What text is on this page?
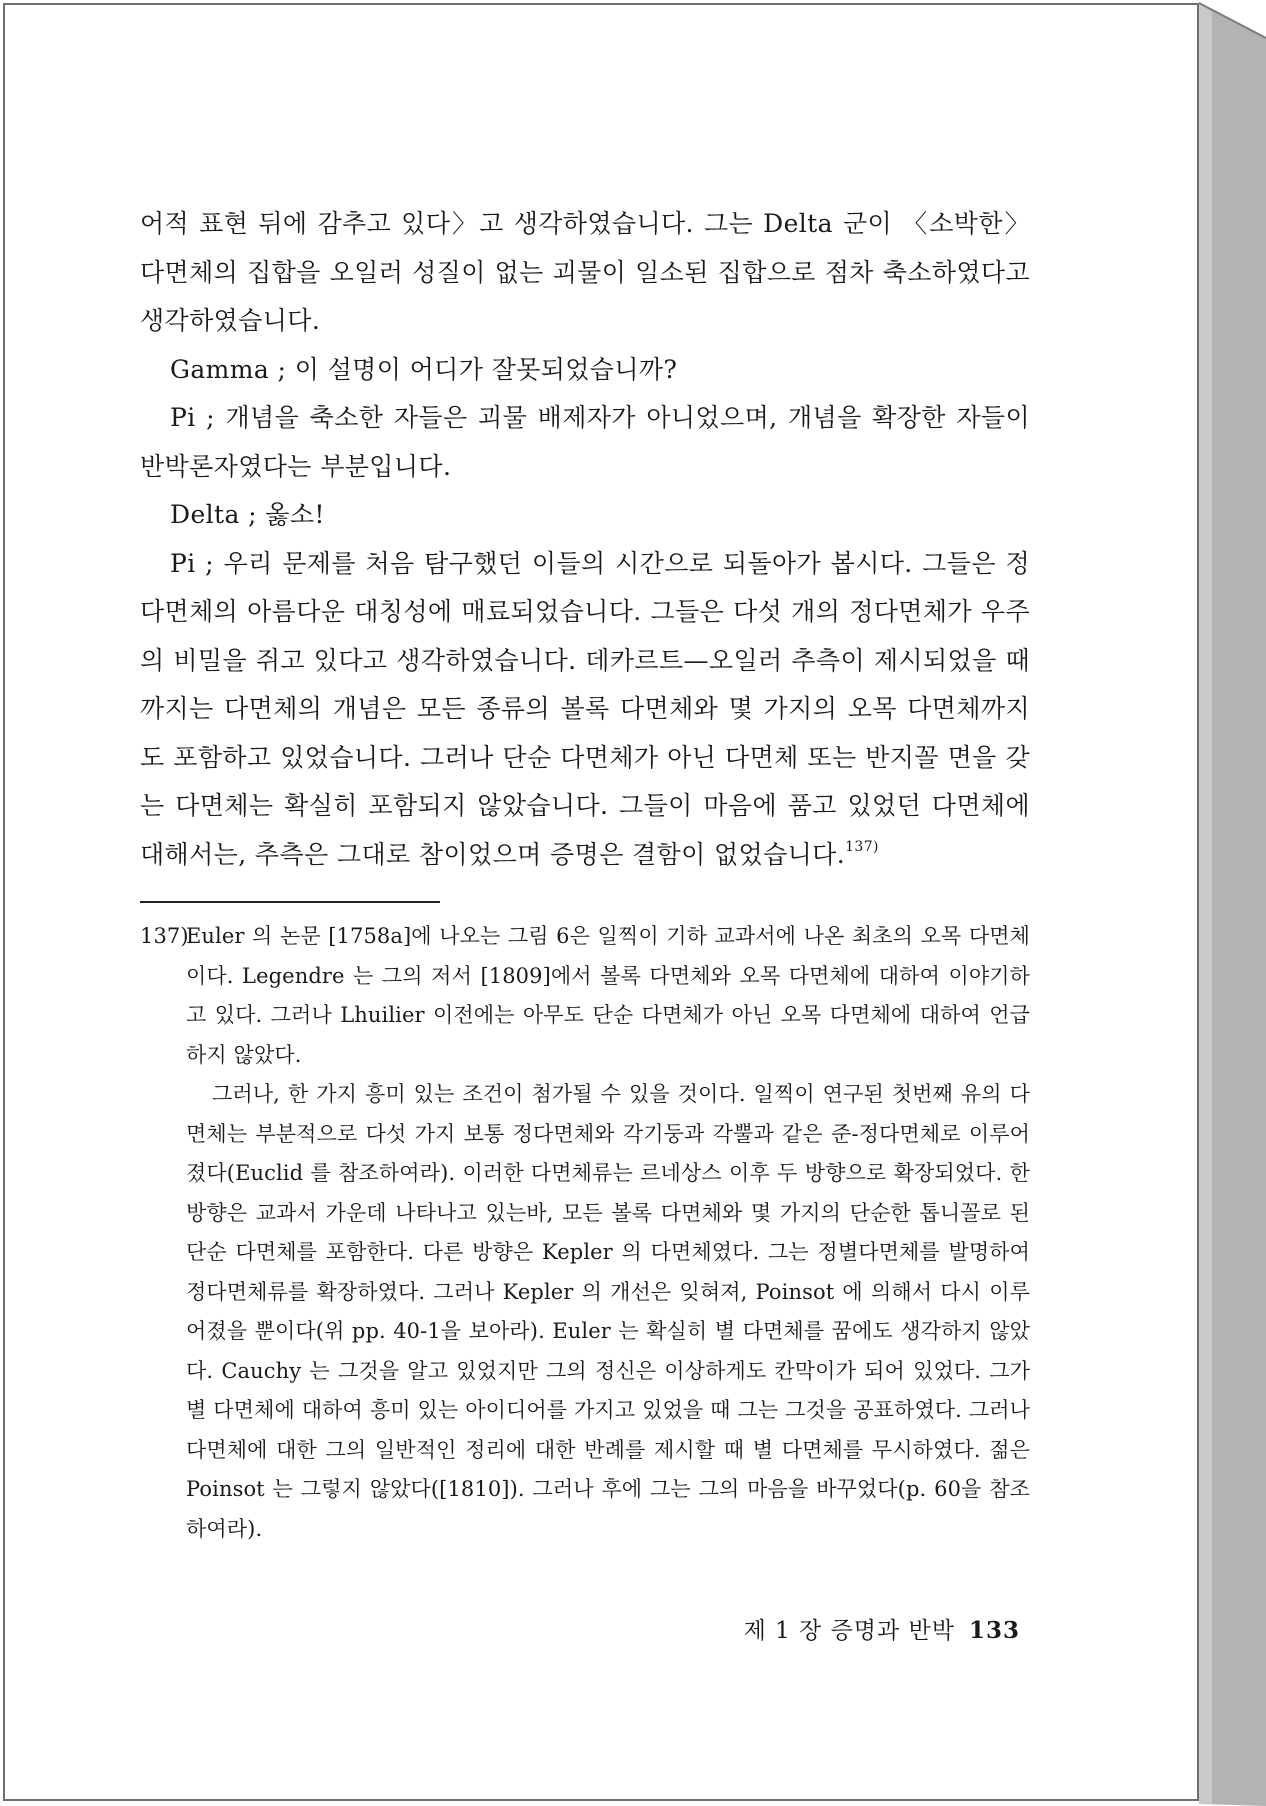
어적 표현 뒤에 감추고 있다〉고 생각하였습니다. 그는 Delta 군이 〈소박한〉 다면체의 집합을 오일러 성질이 없는 괴물이 일소된 집합으로 점차 축소하였다고 생각하였습니다.

Gamma ; 이 설명이 어디가 잘못되었습니까?

Pi ; 개념을 축소한 자들은 괴물 배제자가 아니었으며, 개념을 확장한 자들이 반박론자였다는 부분입니다.

Delta ; 옳소!

Pi ; 우리 문제를 처음 탐구했던 이들의 시간으로 되돌아가 봅시다. 그들은 정다면체의 아름다운 대칭성에 매료되었습니다. 그들은 다섯 개의 정다면체가 우주의 비밀을 쥐고 있다고 생각하였습니다. 데카르트—오일러 추측이 제시되었을 때까지는 다면체의 개념은 모든 종류의 볼록 다면체와 몇 가지의 오목 다면체까지도 포함하고 있었습니다. 그러나 단순 다면체가 아닌 다면체 또는 반지꼴 면을 갖는 다면체는 확실히 포함되지 않았습니다. 그들이 마음에 품고 있었던 다면체에 대해서는, 추측은 그대로 참이었으며 증명은 결함이 없었습니다.$^{137)}$

137)Euler 의 논문 [1758a]에 나오는 그림 6은 일찍이 기하 교과서에 나온 최초의 오목 다면체이다. Legendre 는 그의 저서 [1809]에서 볼록 다면체와 오목 다면체에 대하여 이야기하고 있다. 그러나 Lhuilier 이전에는 아무도 단순 다면체가 아닌 오목 다면체에 대하여 언급하지 않았다.

그러나, 한 가지 흥미 있는 조건이 첨가될 수 있을 것이다. 일찍이 연구된 첫번째 유의 다면체는 부분적으로 다섯 가지 보통 정다면체와 각기둥과 각뿔과 같은 준-정다면체로 이루어졌다(Euclid 를 참조하여라). 이러한 다면체류는 르네상스 이후 두 방향으로 확장되었다. 한 방향은 교과서 가운데 나타나고 있는바, 모든 볼록 다면체와 몇 가지의 단순한 톱니꼴로 된 단순 다면체를 포함한다. 다른 방향은 Kepler 의 다면체였다. 그는 정별다면체를 발명하여 정다면체류를 확장하였다. 그러나 Kepler 의 개선은 잊혀져, Poinsot 에 의해서 다시 이루어졌을 뿐이다(위 pp. 40-1을 보아라). Euler 는 확실히 별 다면체를 꿈에도 생각하지 않았다. Cauchy 는 그것을 알고 있었지만 그의 정신은 이상하게도 칸막이가 되어 있었다. 그가 별 다면체에 대하여 흥미 있는 아이디어를 가지고 있었을 때 그는 그것을 공표하였다. 그러나 다면체에 대한 그의 일반적인 정리에 대한 반례를 제시할 때 별 다면체를 무시하였다. 젊은 Poinsot 는 그렇지 않았다([1810]). 그러나 후에 그는 그의 마음을 바꾸었다(p. 60을 참조하여라).

제 1 장 증명과 반박 133
